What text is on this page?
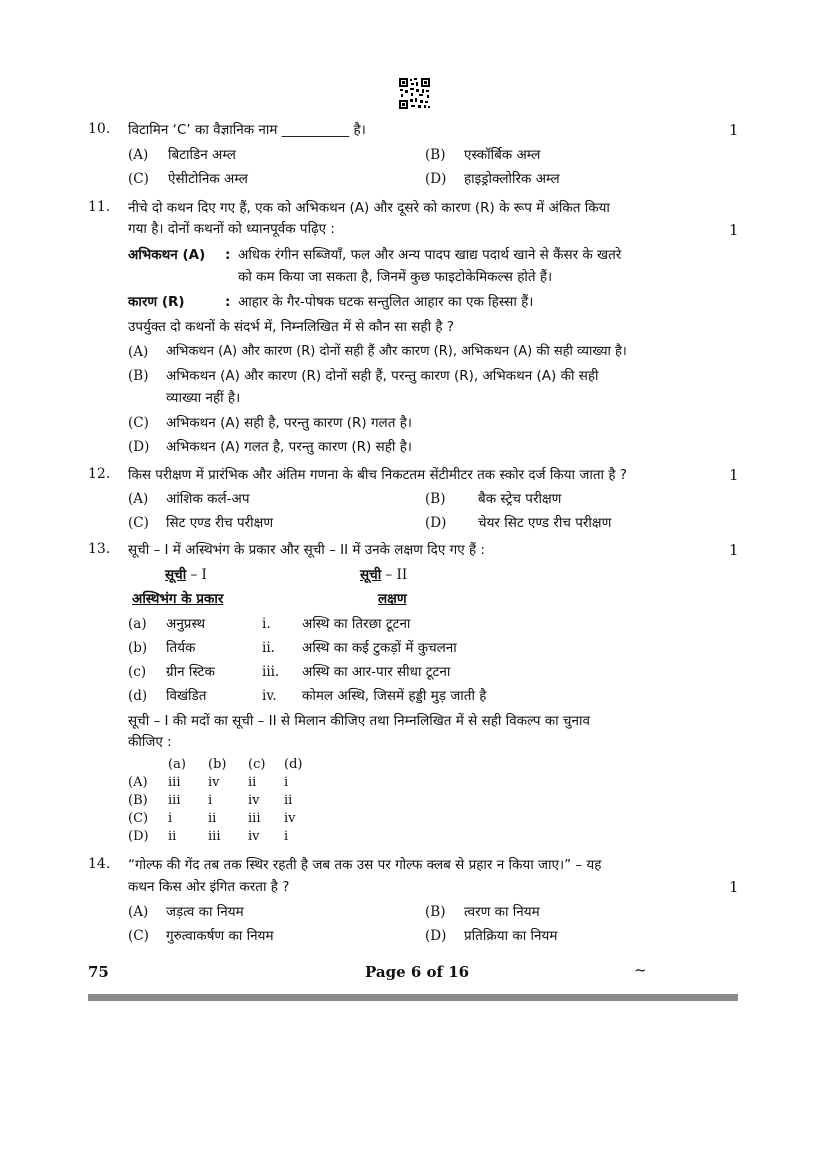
10. विटामिन ‘C’ का वैज्ञानिक नाम __________ है।	1
(A) बिटाडिन अम्ल	(B) एस्कॉर्बिक अम्ल
(C) ऐसीटोनिक अम्ल	(D) हाइड्रोक्लोरिक अम्ल
11. नीचे दो कथन दिए गए हैं, एक को अभिकथन (A) और दूसरे को कारण (R) के रूप में अंकित किया
गया है। दोनों कथनों को ध्यानपूर्वक पढ़िए :	1
अभिकथन (A) : अधिक रंगीन सब्जियाँ, फल और अन्य पादप खाद्य पदार्थ खाने से कैंसर के खतरे
को कम किया जा सकता है, जिनमें कुछ फाइटोकेमिकल्स होते हैं।
कारण (R)	: आहार के गैर-पोषक घटक सन्तुलित आहार का एक हिस्सा हैं।
उपर्युक्त दो कथनों के संदर्भ में, निम्नलिखित में से कौन सा सही है ?
(A) अभिकथन (A) और कारण (R) दोनों सही हैं और कारण (R), अभिकथन (A) की सही व्याख्या है।
(B) अभिकथन (A) और कारण (R) दोनों सही हैं, परन्तु कारण (R), अभिकथन (A) की सही
व्याख्या नहीं है।
(C) अभिकथन (A) सही है, परन्तु कारण (R) गलत है।
(D) अभिकथन (A) गलत है, परन्तु कारण (R) सही है।
12. किस परीक्षण में प्रारंभिक और अंतिम गणना के बीच निकटतम सेंटीमीटर तक स्कोर दर्ज किया जाता है ?	1
(A) आंशिक कर्ल-अप	(B) बैक स्ट्रेच परीक्षण
(C) सिट एण्ड रीच परीक्षण	(D) चेयर सिट एण्ड रीच परीक्षण
13. सूची – I में अस्थिभंग के प्रकार और सूची – II में उनके लक्षण दिए गए हैं :	1
सूची – I	सूची – II
अस्थिभंग के प्रकार	लक्षण
(a) अनुप्रस्थ	i. अस्थि का तिरछा टूटना
(b) तिर्यक	ii. अस्थि का कई टुकड़ों में कुचलना
(c) ग्रीन स्टिक	iii. अस्थि का आर-पार सीधा टूटना
(d) विखंडित	iv. कोमल अस्थि, जिसमें हड्डी मुड़ जाती है
सूची – I की मदों का सूची – II से मिलान कीजिए तथा निम्नलिखित में से सही विकल्प का चुनाव
कीजिए :
	(a)	(b)	(c)	(d)
(A)	iii	iv	ii	i
(B)	iii	i	iv	ii
(C)	i	ii	iii	iv
(D)	ii	iii	iv	i
14. “गोल्फ की गेंद तब तक स्थिर रहती है जब तक उस पर गोल्फ क्लब से प्रहार न किया जाए।” – यह
कथन किस ओर इंगित करता है ?	1
(A) जड़त्व का नियम	(B) त्वरण का नियम
(C) गुरुत्वाकर्षण का नियम	(D) प्रतिक्रिया का नियम
75	Page 6 of 16	~
